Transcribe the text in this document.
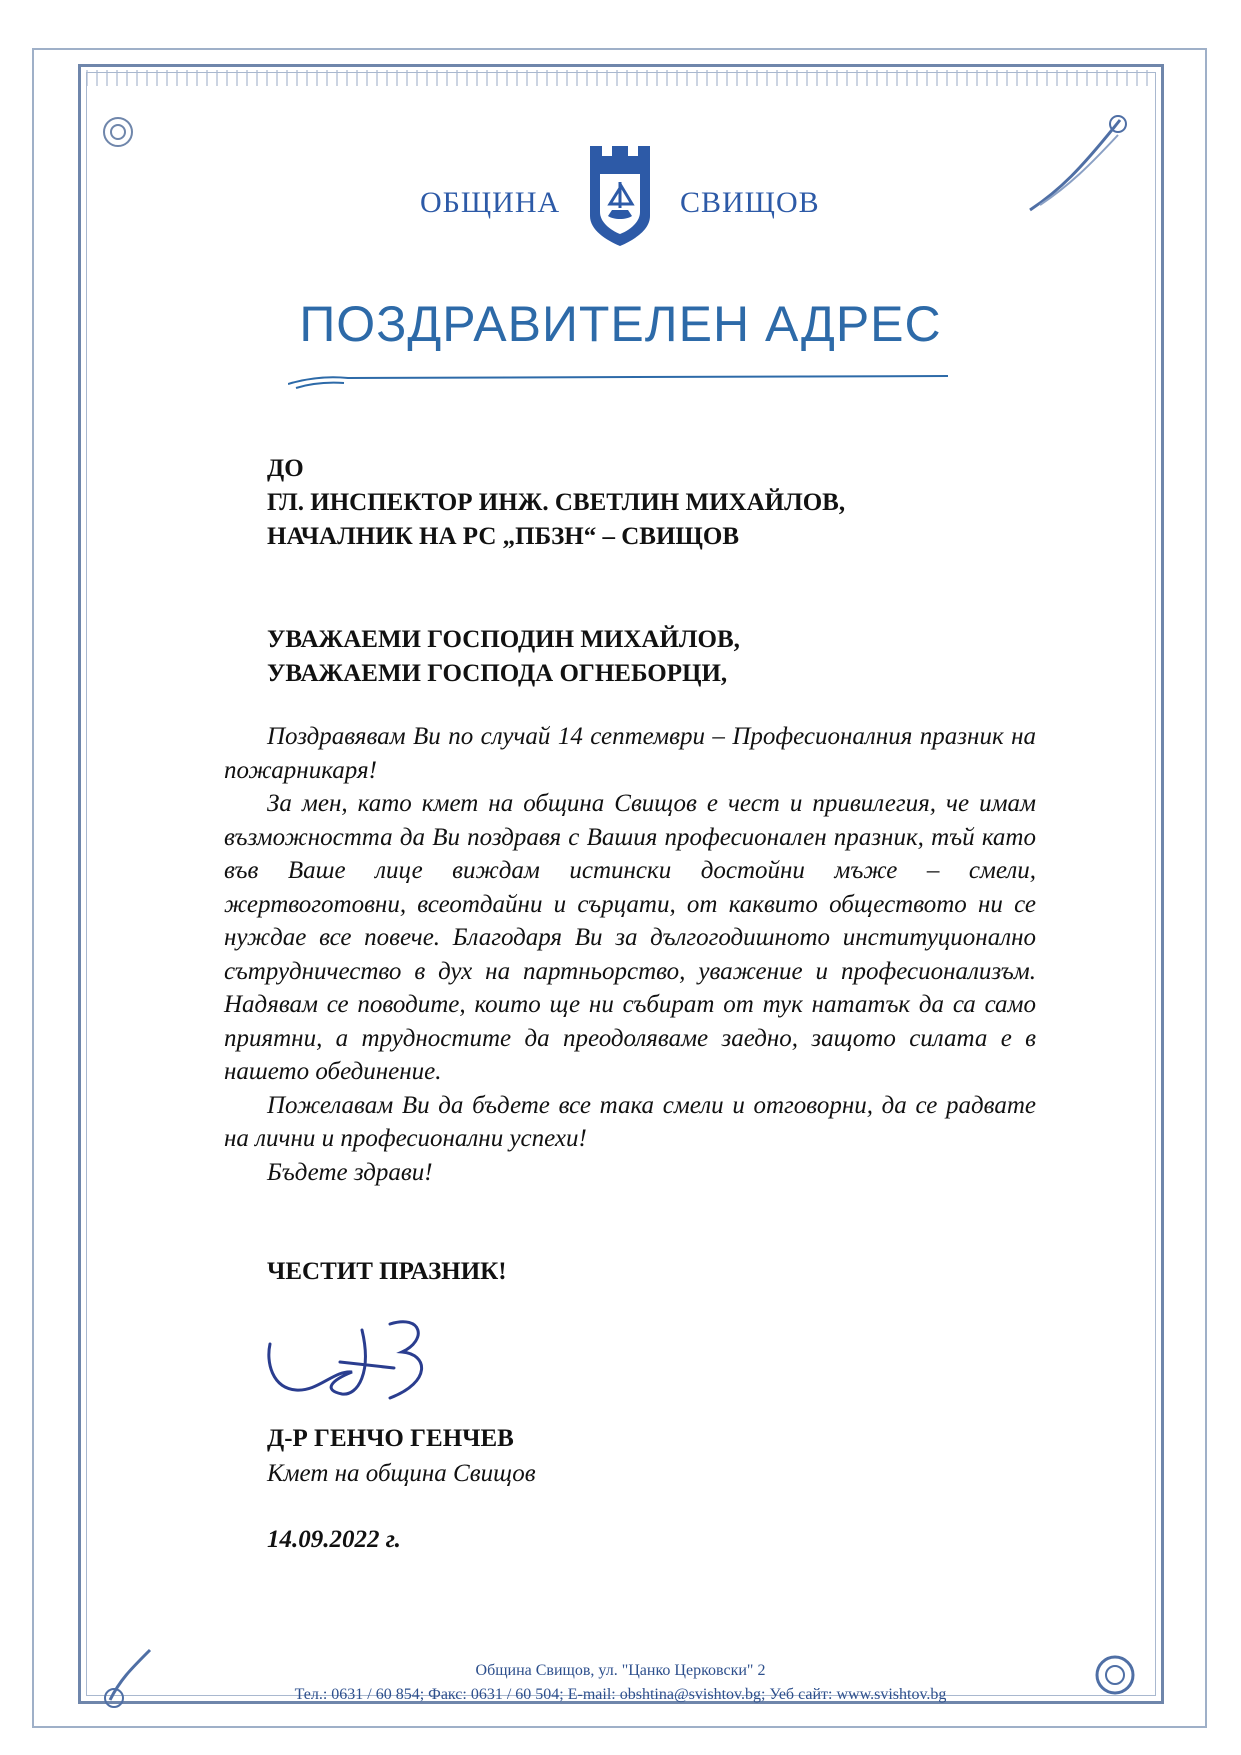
ОБЩИНА	СВИЩОВ
ПОЗДРАВИТЕЛЕН АДРЕС
ДО
ГЛ. ИНСПЕКТОР ИНЖ. СВЕТЛИН МИХАЙЛОВ,
НАЧАЛНИК НА РС „ПБЗН“ – СВИЩОВ
УВАЖАЕМИ ГОСПОДИН МИХАЙЛОВ,
УВАЖАЕМИ ГОСПОДА ОГНЕБОРЦИ,

Поздравявам Ви по случай 14 септември – Професионалния празник на пожарникаря!

За мен, като кмет на община Свищов е чест и привилегия, че имам възможността да Ви поздравя с Вашия професионален празник, тъй като във Ваше лице виждам истински достойни мъже – смели, жертвоготовни, всеотдайни и сърцати, от каквито обществото ни се нуждае все повече. Благодаря Ви за дългогодишното институционално сътрудничество в дух на партньорство, уважение и професионализъм. Надявам се поводите, които ще ни събират от тук нататък да са само приятни, а трудностите да преодоляваме заедно, защото силата е в нашето обединение.

Пожелавам Ви да бъдете все така смели и отговорни, да се радвате на лични и професионални успехи!

Бъдете здрави!

ЧЕСТИТ ПРАЗНИК!
Д-Р ГЕНЧО ГЕНЧЕВ
Кмет на община Свищов
14.09.2022 г.
Община Свищов, ул. "Цанко Церковски" 2
Тел.: 0631 / 60 854; Факс: 0631 / 60 504; E-mail: obshtina@svishtov.bg; Уеб сайт: www.svishtov.bg
